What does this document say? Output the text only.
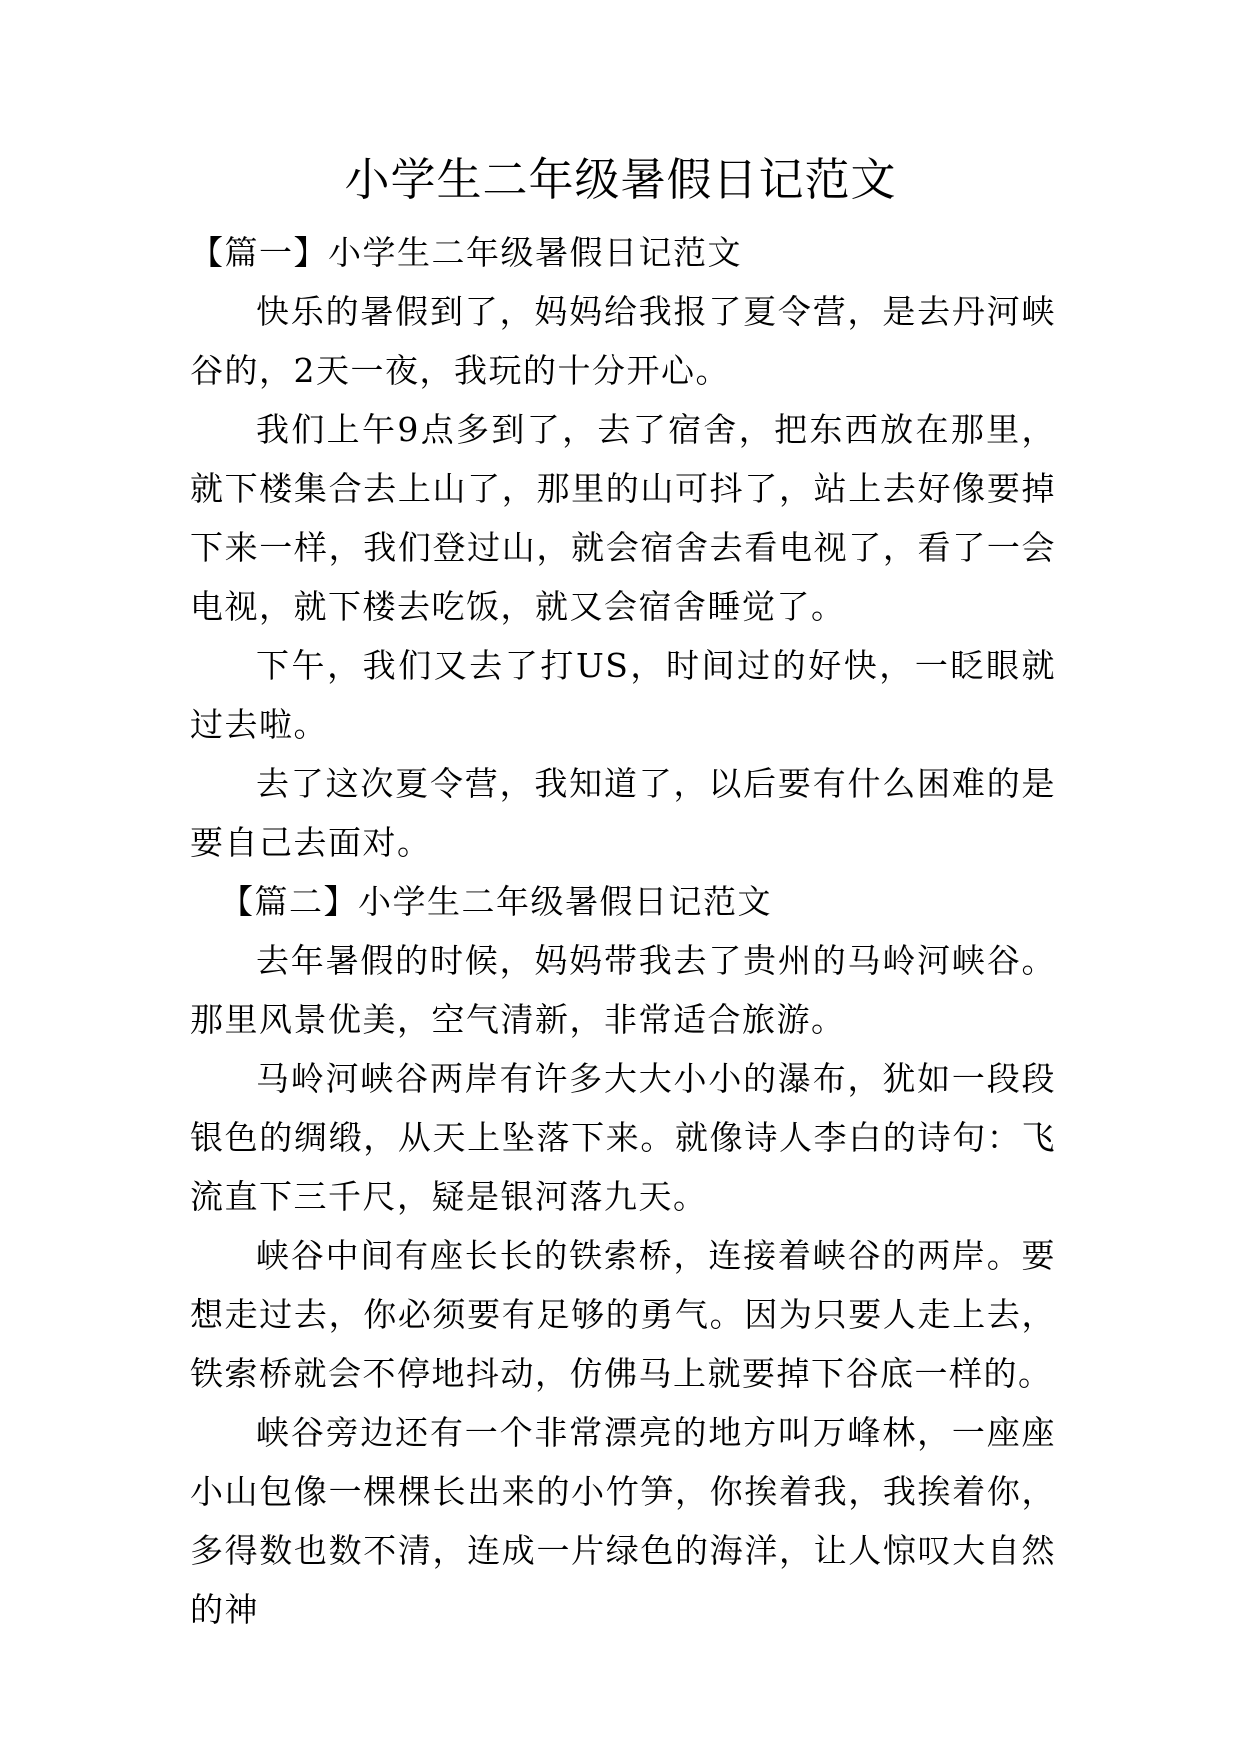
小学生二年级暑假日记范文

【篇一】小学生二年级暑假日记范文

快乐的暑假到了，妈妈给我报了夏令营，是去丹河峡谷的，2天一夜，我玩的十分开心。

我们上午9点多到了，去了宿舍，把东西放在那里，就下楼集合去上山了，那里的山可抖了，站上去好像要掉下来一样，我们登过山，就会宿舍去看电视了，看了一会电视，就下楼去吃饭，就又会宿舍睡觉了。

下午，我们又去了打US，时间过的好快，一眨眼就过去啦。

去了这次夏令营，我知道了，以后要有什么困难的是要自己去面对。

【篇二】小学生二年级暑假日记范文

去年暑假的时候，妈妈带我去了贵州的马岭河峡谷。那里风景优美，空气清新，非常适合旅游。

马岭河峡谷两岸有许多大大小小的瀑布，犹如一段段银色的绸缎，从天上坠落下来。就像诗人李白的诗句：飞流直下三千尺，疑是银河落九天。

峡谷中间有座长长的铁索桥，连接着峡谷的两岸。要想走过去，你必须要有足够的勇气。因为只要人走上去，铁索桥就会不停地抖动，仿佛马上就要掉下谷底一样的。

峡谷旁边还有一个非常漂亮的地方叫万峰林，一座座小山包像一棵棵长出来的小竹笋，你挨着我，我挨着你，多得数也数不清，连成一片绿色的海洋，让人惊叹大自然的神
